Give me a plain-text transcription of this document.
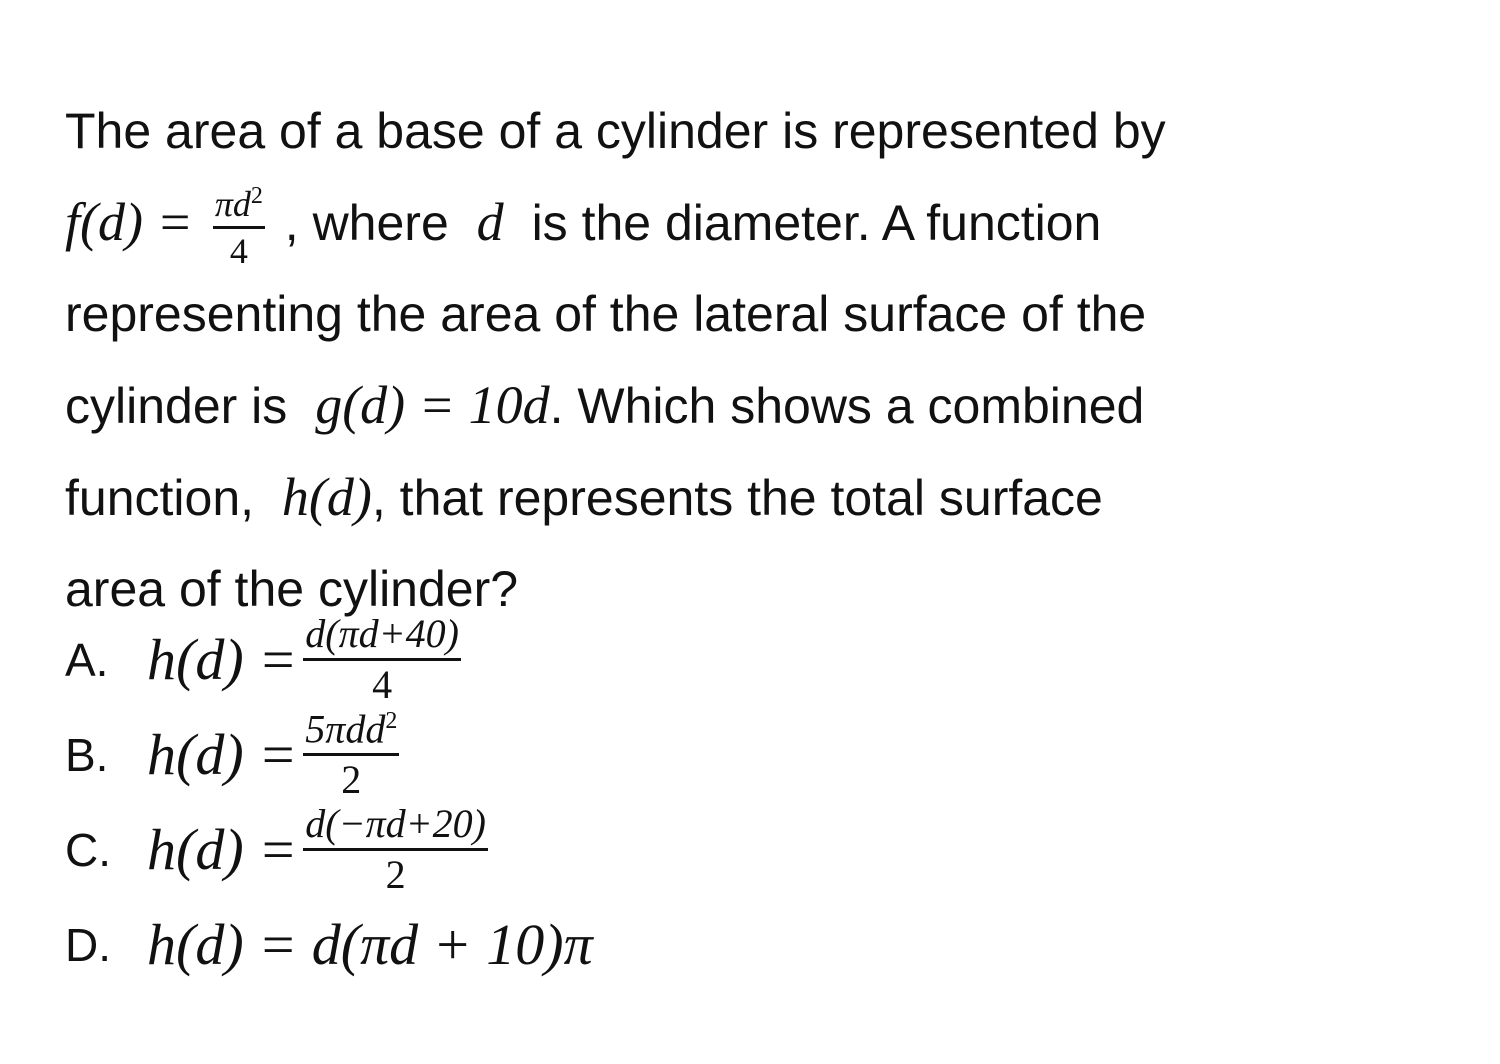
The area of a base of a cylinder is represented by
$f(d) = \frac{\pi d^2}{4}$ , where d is the diameter. A function
representing the area of the lateral surface of the
cylinder is g(d) = 10d. Which shows a combined
function, h(d), that represents the total surface
area of the cylinder?
A. $h(d) = \frac{d(\pi d+40)}{4}$
B. $h(d) = \frac{5\pi dd^2}{2}$
C. $h(d) = \frac{d(-\pi d+20)}{2}$
D. h(d) = d(πd + 10)π
